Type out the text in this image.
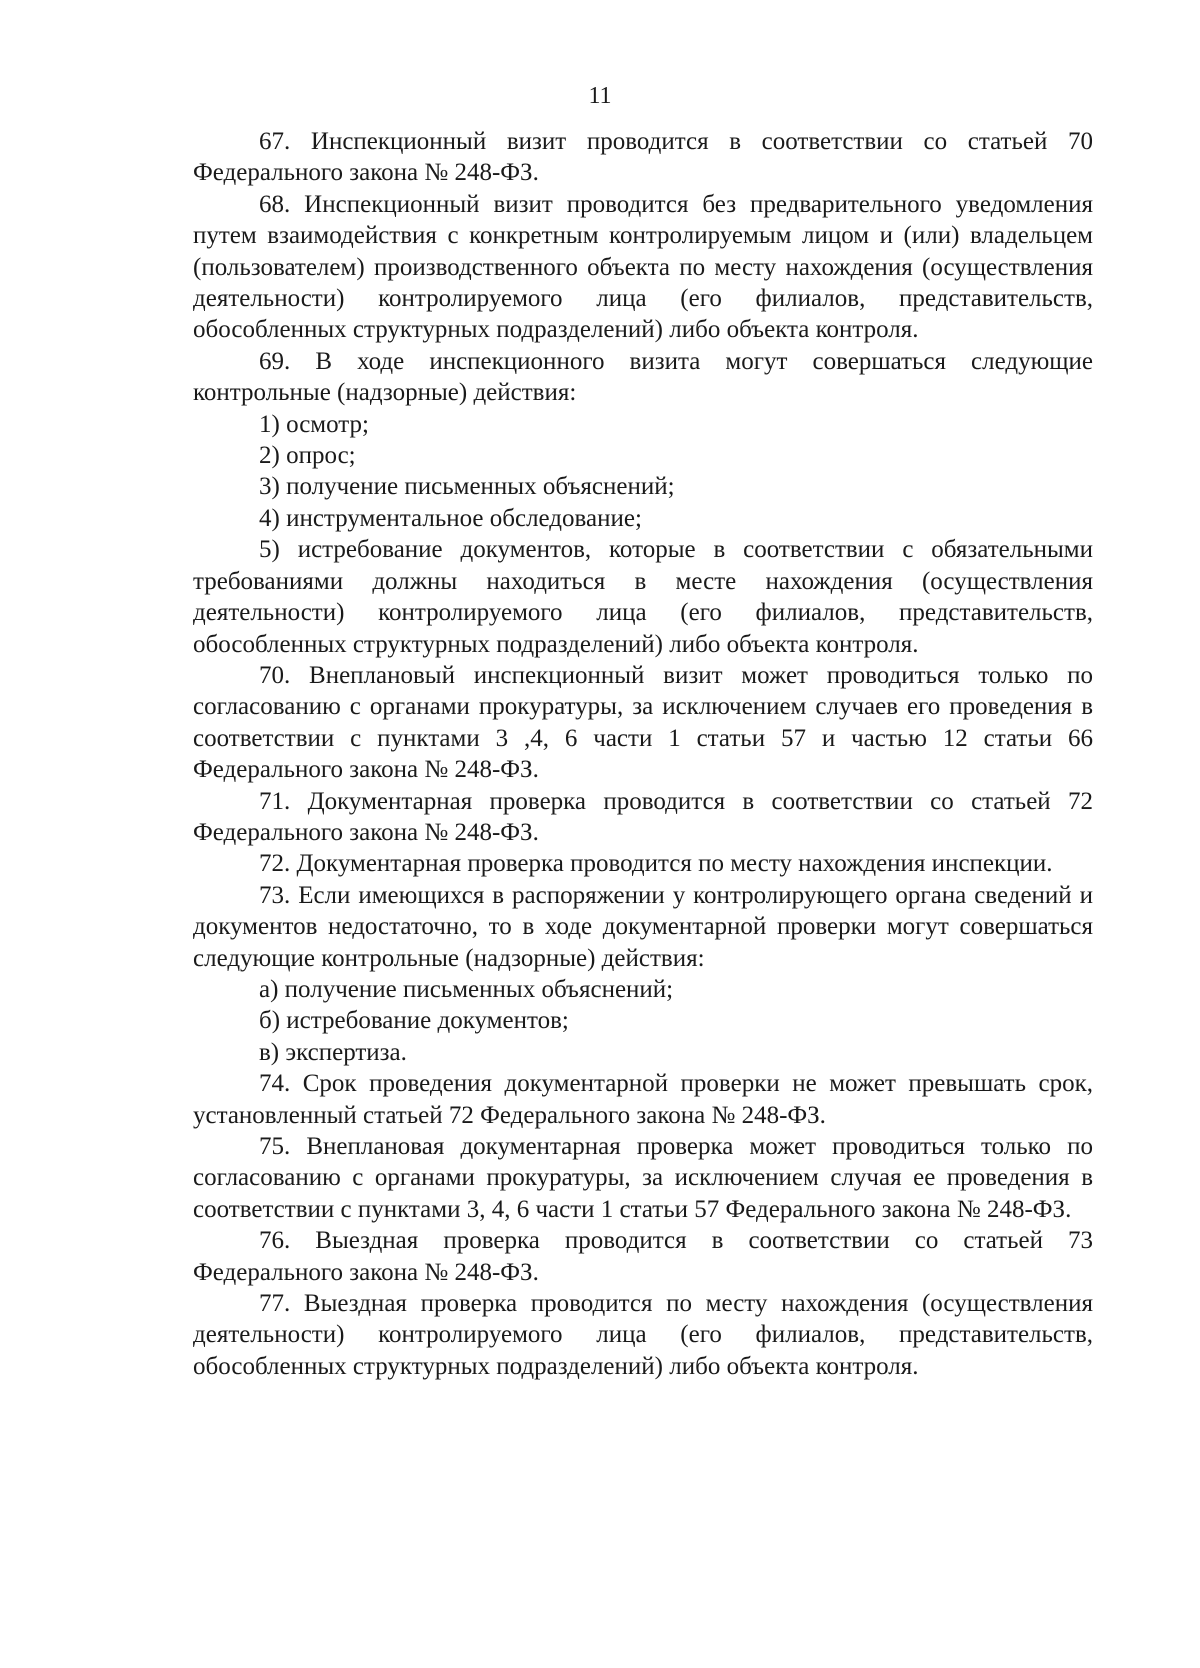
11

67. Инспекционный визит проводится в соответствии со статьей 70 Федерального закона № 248-ФЗ.

68. Инспекционный визит проводится без предварительного уведомления путем взаимодействия с конкретным контролируемым лицом и (или) владельцем (пользователем) производственного объекта по месту нахождения (осуществления деятельности) контролируемого лица (его филиалов, представительств, обособленных структурных подразделений) либо объекта контроля.

69. В ходе инспекционного визита могут совершаться следующие контрольные (надзорные) действия:

1) осмотр;

2) опрос;

3) получение письменных объяснений;

4) инструментальное обследование;

5) истребование документов, которые в соответствии с обязательными требованиями должны находиться в месте нахождения (осуществления деятельности) контролируемого лица (его филиалов, представительств, обособленных структурных подразделений) либо объекта контроля.

70. Внеплановый инспекционный визит может проводиться только по согласованию с органами прокуратуры, за исключением случаев его проведения в соответствии с пунктами 3 ,4, 6 части 1 статьи 57 и частью 12 статьи 66 Федерального закона № 248-ФЗ.

71. Документарная проверка проводится в соответствии со статьей 72 Федерального закона № 248-ФЗ.

72. Документарная проверка проводится по месту нахождения инспекции.

73. Если имеющихся в распоряжении у контролирующего органа сведений и документов недостаточно, то в ходе документарной проверки могут совершаться следующие контрольные (надзорные) действия:

а) получение письменных объяснений;

б) истребование документов;

в) экспертиза.

74. Срок проведения документарной проверки не может превышать срок, установленный статьей 72 Федерального закона № 248-ФЗ.

75. Внеплановая документарная проверка может проводиться только по согласованию с органами прокуратуры, за исключением случая ее проведения в соответствии с пунктами 3, 4, 6 части 1 статьи 57 Федерального закона № 248-ФЗ.

76. Выездная проверка проводится в соответствии со статьей 73 Федерального закона № 248-ФЗ.

77. Выездная проверка проводится по месту нахождения (осуществления деятельности) контролируемого лица (его филиалов, представительств, обособленных структурных подразделений) либо объекта контроля.
